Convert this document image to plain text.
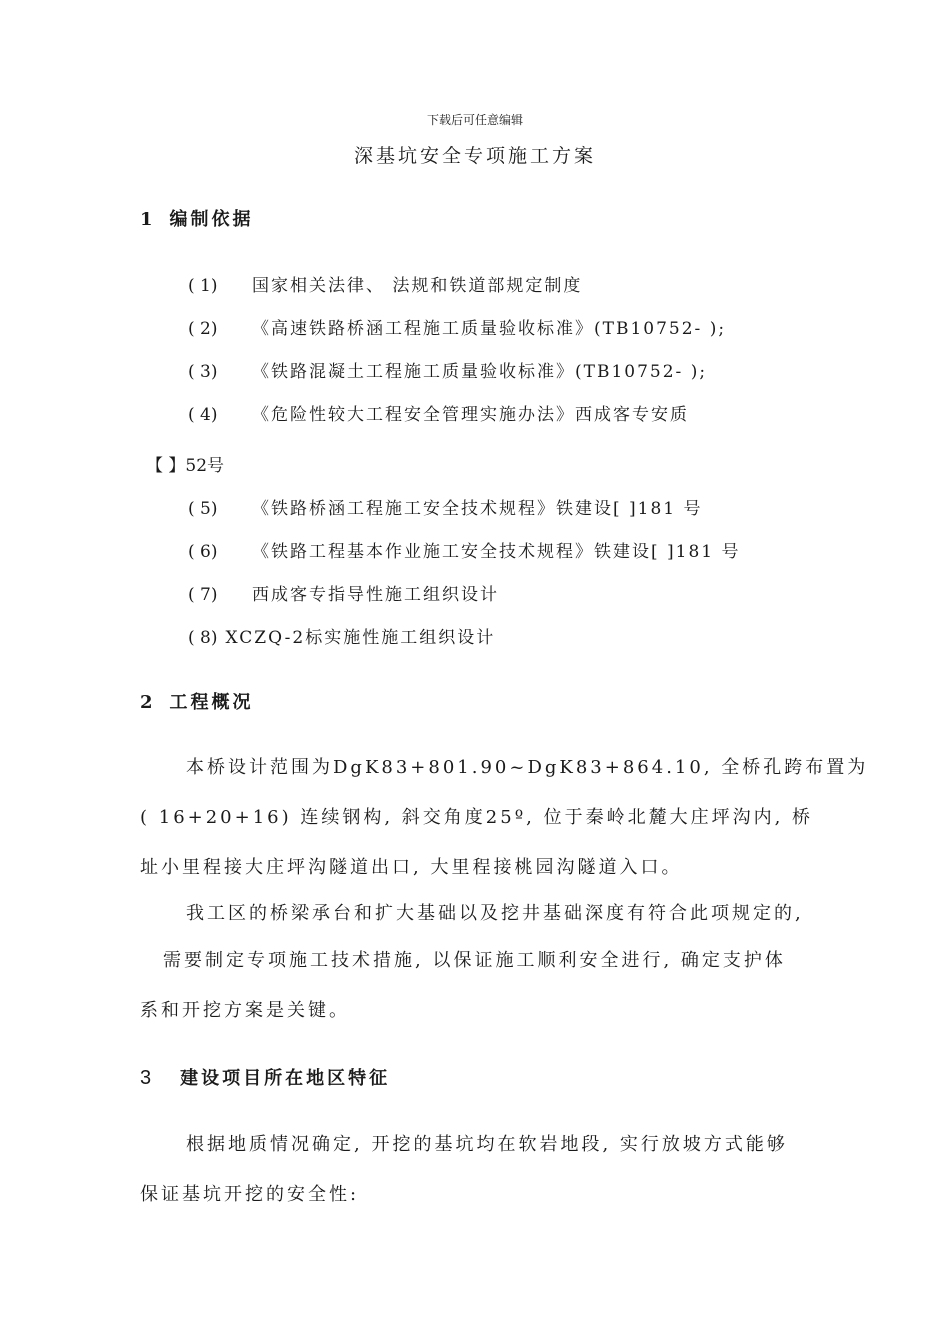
下载后可任意编辑
深基坑安全专项施工方案
1 编制依据
( 1) 国家相关法律、 法规和铁道部规定制度
( 2) 《高速铁路桥涵工程施工质量验收标准》(TB10752- );
( 3) 《铁路混凝土工程施工质量验收标准》(TB10752- );
( 4) 《危险性较大工程安全管理实施办法》西成客专安质
【 】52号
( 5) 《铁路桥涵工程施工安全技术规程》铁建设[ ]181 号
( 6) 《铁路工程基本作业施工安全技术规程》铁建设[ ]181 号
( 7) 西成客专指导性施工组织设计
( 8) XCZQ-2标实施性施工组织设计
2 工程概况
本桥设计范围为DgK83+801.90~DgK83+864.10, 全桥孔跨布置为
( 16+20+16) 连续钢构, 斜交角度25º, 位于秦岭北麓大庄坪沟内, 桥
址小里程接大庄坪沟隧道出口, 大里程接桃园沟隧道入口。
我工区的桥梁承台和扩大基础以及挖井基础深度有符合此项规定的,
需要制定专项施工技术措施, 以保证施工顺利安全进行, 确定支护体
系和开挖方案是关键。
3 建设项目所在地区特征
根据地质情况确定, 开挖的基坑均在软岩地段, 实行放坡方式能够
保证基坑开挖的安全性:
